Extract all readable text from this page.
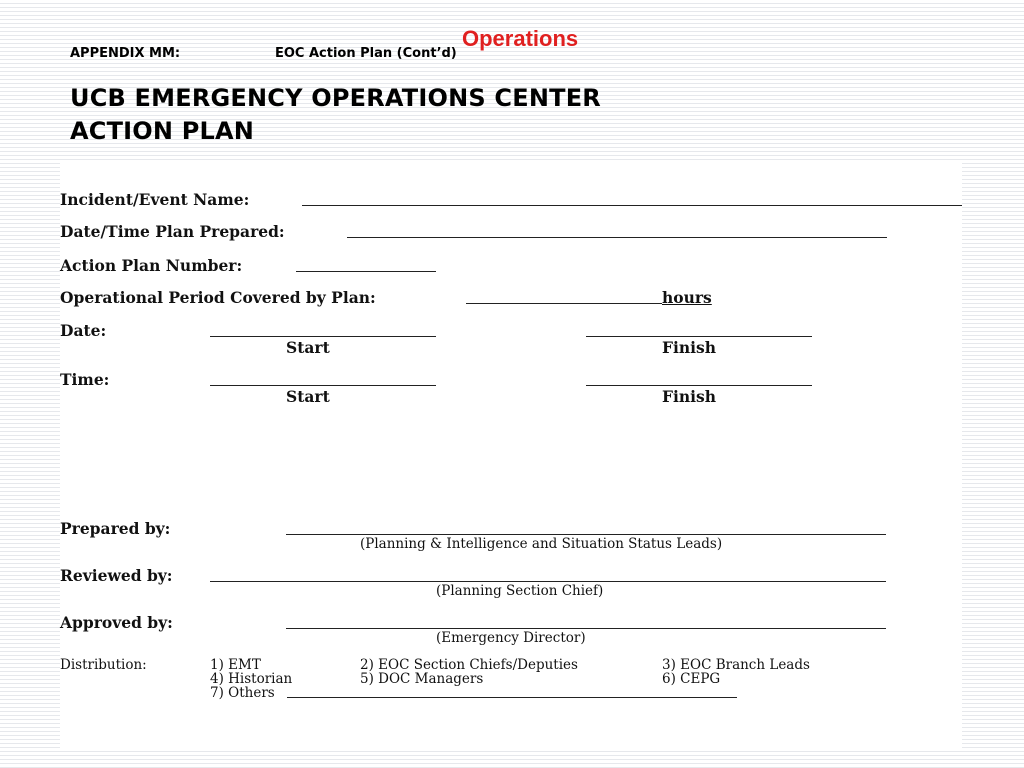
Operations
APPENDIX MM:	EOC Action Plan (Cont’d)
UCB EMERGENCY OPERATIONS CENTER
ACTION PLAN
Incident/Event Name:
Date/Time Plan Prepared:
Action Plan Number:
Operational Period Covered by Plan:	hours
Date:
Start	Finish
Time:
Start	Finish
Prepared by:
(Planning & Intelligence and Situation Status Leads)
Reviewed by:
(Planning Section Chief)
Approved by:
(Emergency Director)
Distribution:	1) EMT	2) EOC Section Chiefs/Deputies	3) EOC Branch Leads
4) Historian	5) DOC Managers	6) CEPG
7) Others
